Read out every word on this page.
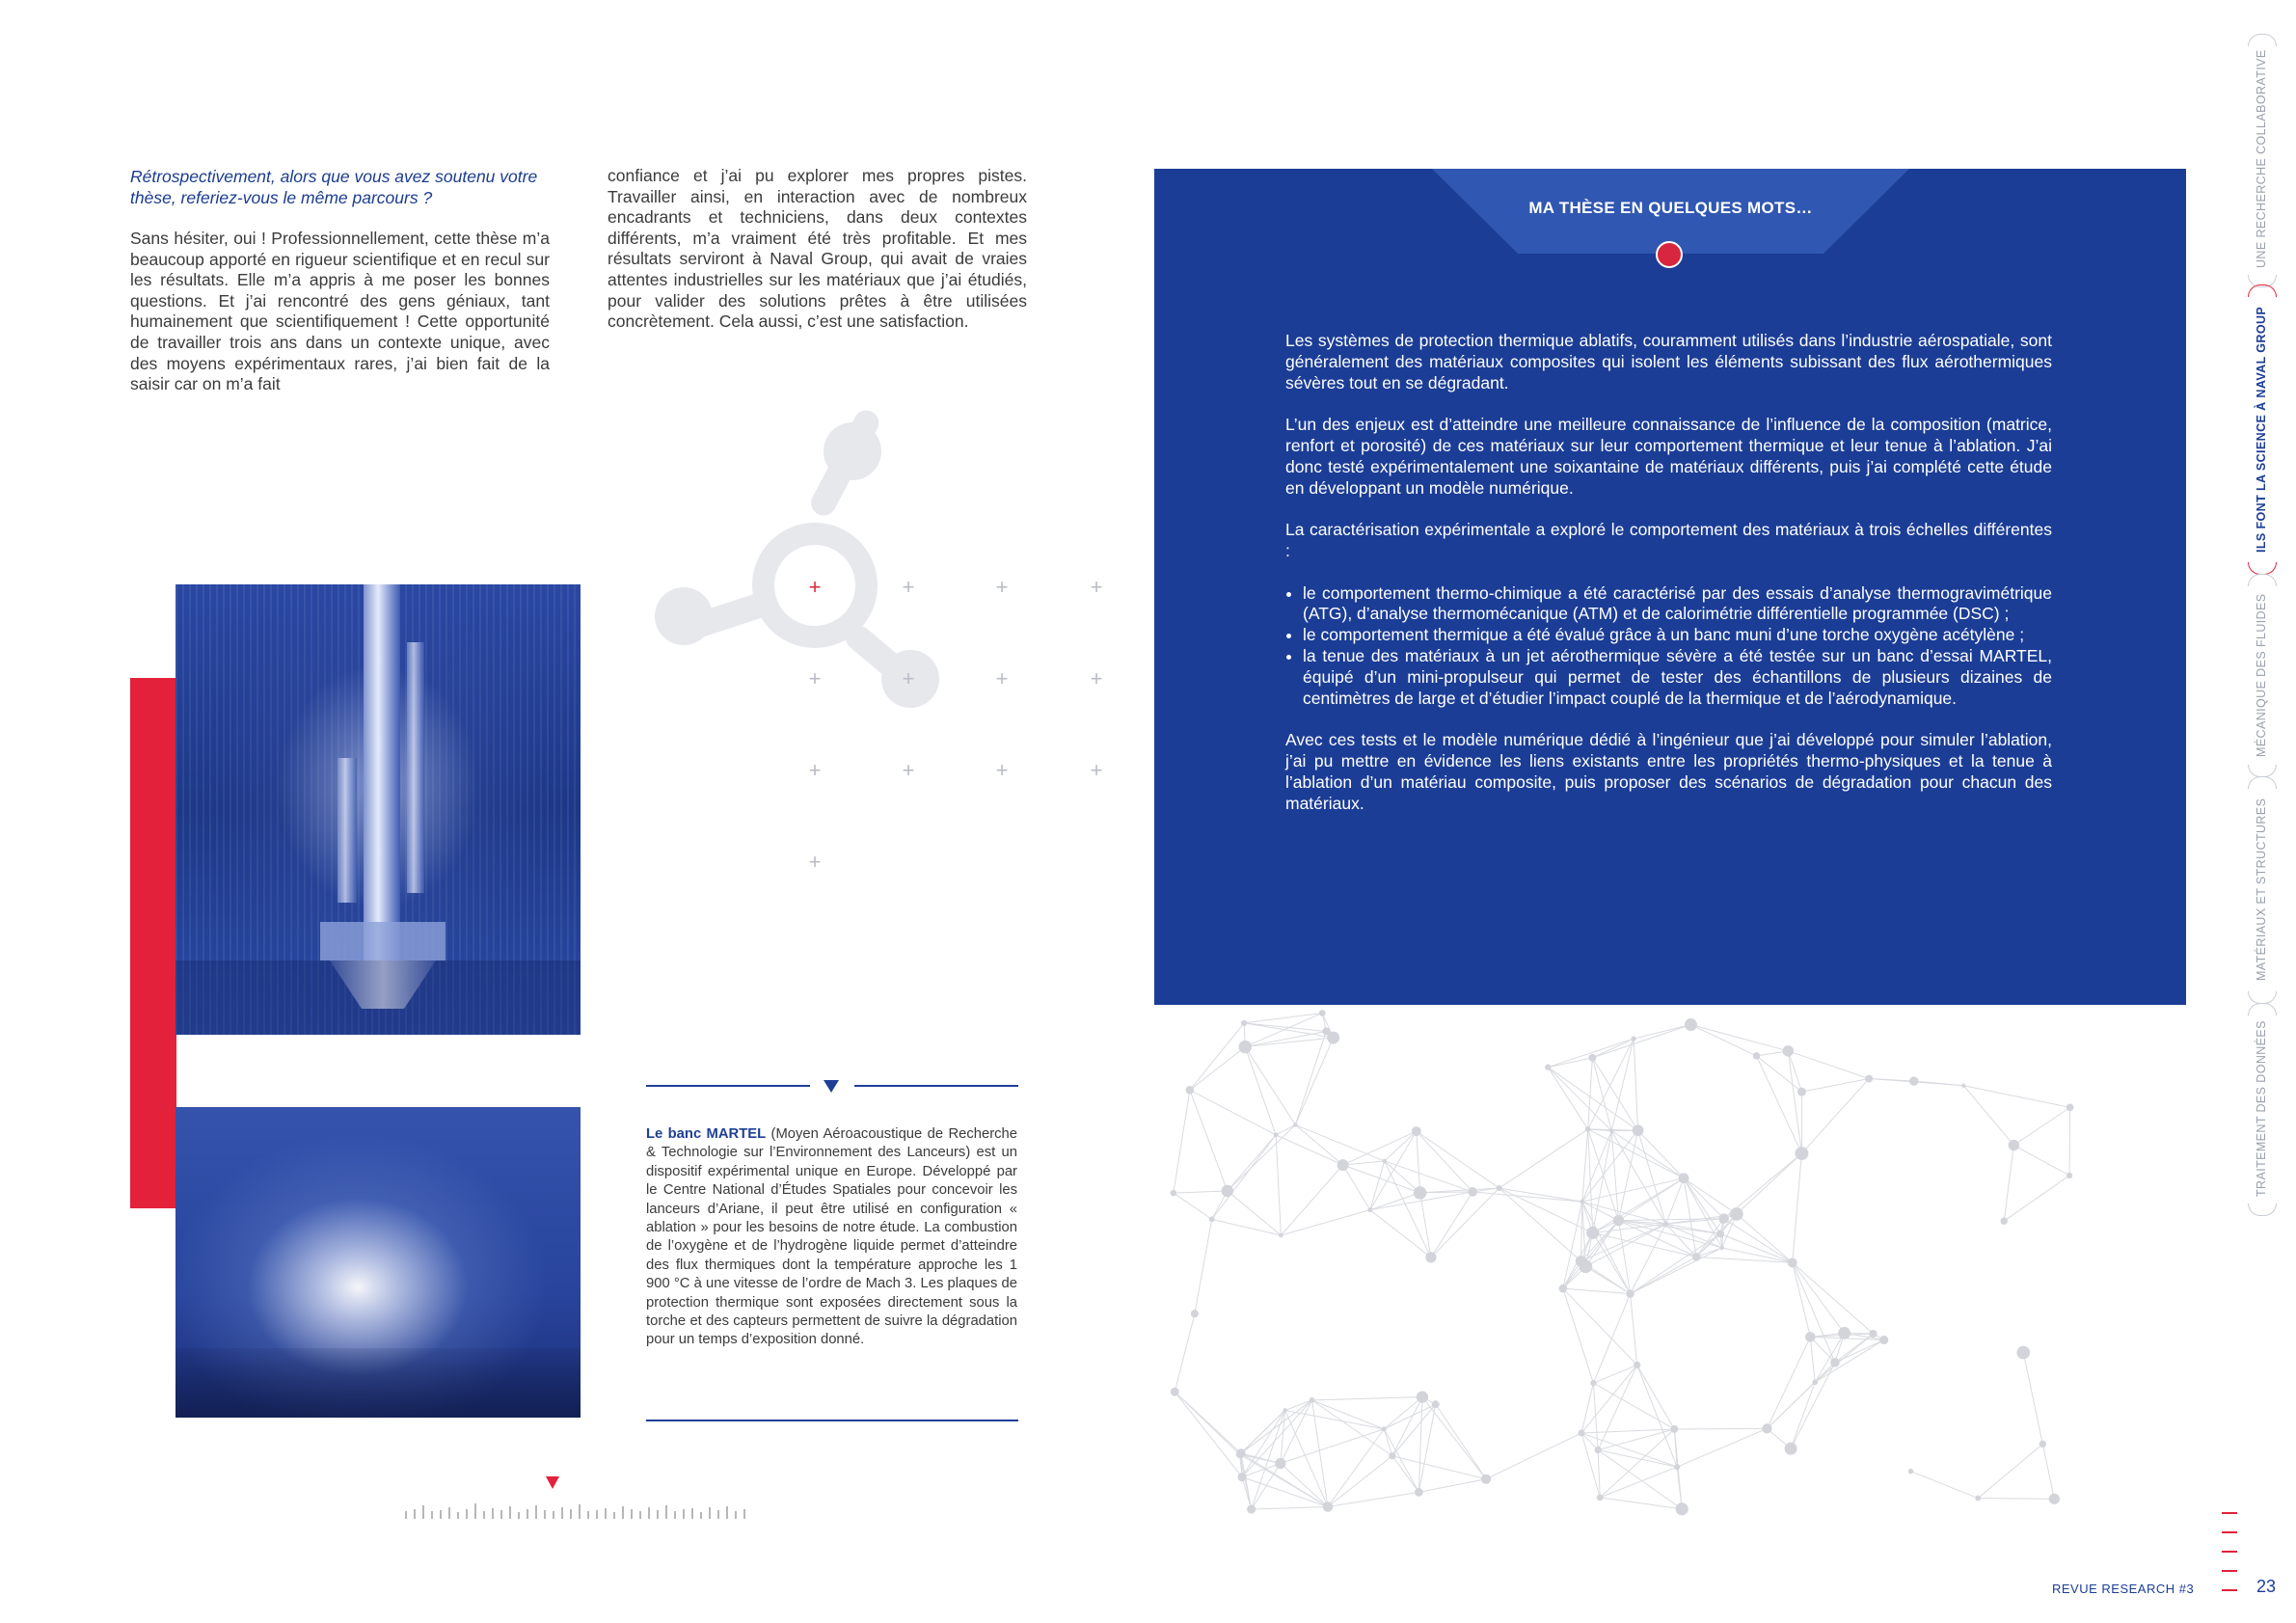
Rétrospectivement, alors que vous avez soutenu votre thèse, referiez-vous le même parcours ?
Sans hésiter, oui ! Professionnellement, cette thèse m’a beaucoup apporté en rigueur scientifique et en recul sur les résultats. Elle m’a appris à me poser les bonnes questions. Et j’ai rencontré des gens géniaux, tant humainement que scientifiquement ! Cette opportunité de travailler trois ans dans un contexte unique, avec des moyens expérimentaux rares, j’ai bien fait de la saisir car on m’a fait
confiance et j’ai pu explorer mes propres pistes. Travailler ainsi, en interaction avec de nombreux encadrants et techniciens, dans deux contextes différents, m’a vraiment été très profitable. Et mes résultats serviront à Naval Group, qui avait de vraies attentes industrielles sur les matériaux que j’ai étudiés, pour valider des solutions prêtes à être utilisées concrètement. Cela aussi, c’est une satisfaction.
+	+	+	+
+	+	+	+
+	+	+	+
+
Le banc MARTEL (Moyen Aéroacoustique de Recherche & Technologie sur l’Environnement des Lanceurs) est un dispositif expérimental unique en Europe. Développé par le Centre National d’Études Spatiales pour concevoir les lanceurs d’Ariane, il peut être utilisé en configuration « ablation » pour les besoins de notre étude. La combustion de l’oxygène et de l’hydrogène liquide permet d’atteindre des flux thermiques dont la température approche les 1 900 °C à une vitesse de l’ordre de Mach 3. Les plaques de protection thermique sont exposées directement sous la torche et des capteurs permettent de suivre la dégradation pour un temps d’exposition donné.
MA THÈSE EN QUELQUES MOTS…

Les systèmes de protection thermique ablatifs, couramment utilisés dans l’industrie aérospatiale, sont généralement des matériaux composites qui isolent les éléments subissant des flux aérothermiques sévères tout en se dégradant.

L’un des enjeux est d’atteindre une meilleure connaissance de l’influence de la composition (matrice, renfort et porosité) de ces matériaux sur leur comportement thermique et leur tenue à l’ablation. J’ai donc testé expérimentalement une soixantaine de matériaux différents, puis j’ai complété cette étude en développant un modèle numérique.

La caractérisation expérimentale a exploré le comportement des matériaux à trois échelles différentes :

• le comportement thermo-chimique a été caractérisé par des essais d’analyse thermogravimétrique (ATG), d’analyse thermomécanique (ATM) et de calorimétrie différentielle programmée (DSC) ;
• le comportement thermique a été évalué grâce à un banc muni d’une torche oxygène acétylène ;
• la tenue des matériaux à un jet aérothermique sévère a été testée sur un banc d’essai MARTEL, équipé d’un mini-propulseur qui permet de tester des échantillons de plusieurs dizaines de centimètres de large et d’étudier l’impact couplé de la thermique et de l’aérodynamique.

Avec ces tests et le modèle numérique dédié à l’ingénieur que j’ai développé pour simuler l’ablation, j’ai pu mettre en évidence les liens existants entre les propriétés thermo-physiques et la tenue à l’ablation d’un matériau composite, puis proposer des scénarios de dégradation pour chacun des matériaux.

UNE RECHERCHE COLLABORATIVE
ILS FONT LA SCIENCE À NAVAL GROUP
MÉCANIQUE DES FLUIDES
MATÉRIAUX ET STRUCTURES
TRAITEMENT DES DONNÉES
REVUE RESEARCH #3	23
